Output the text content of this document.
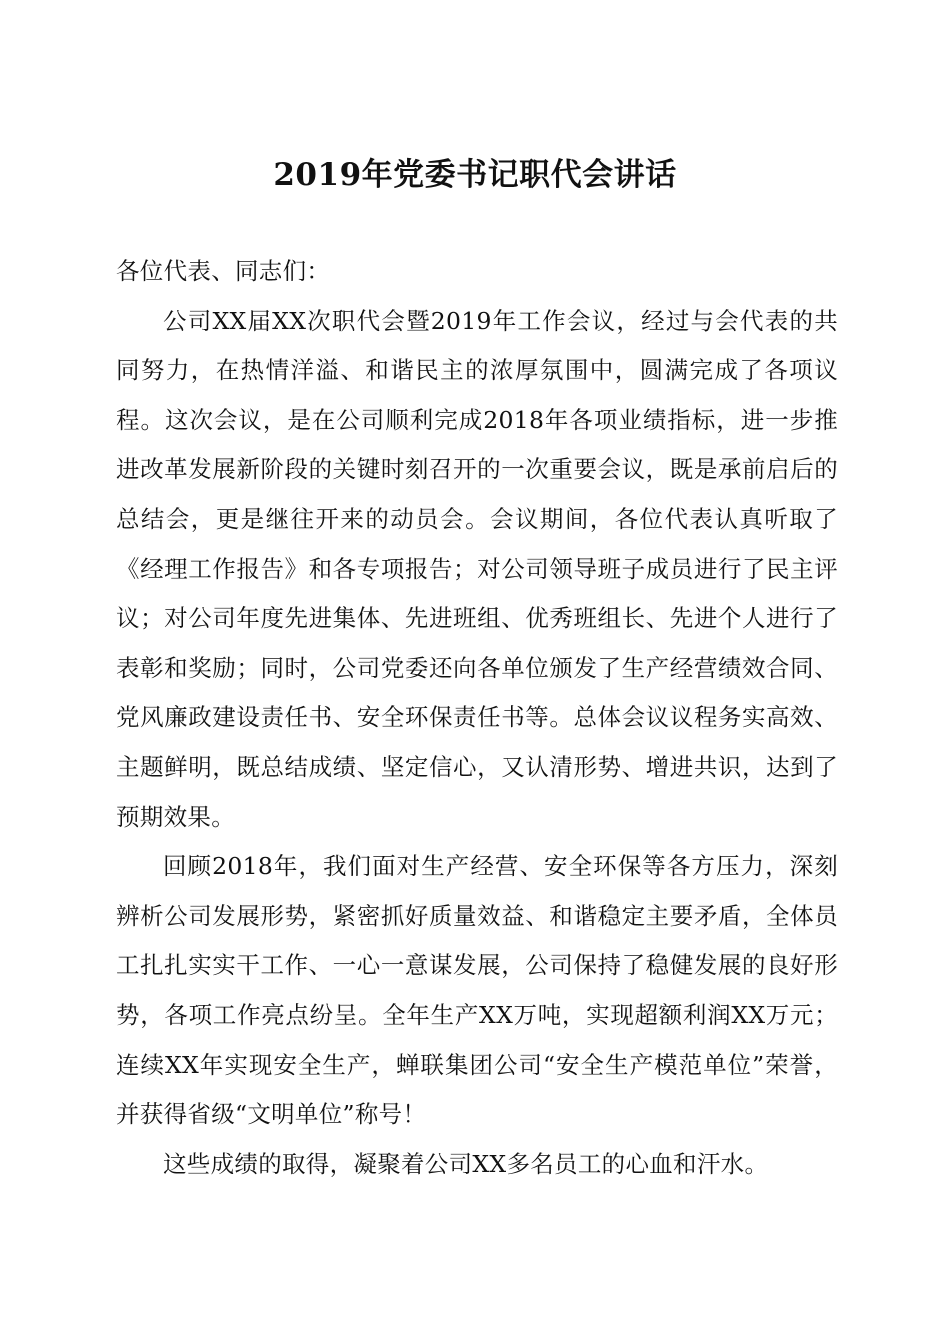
2019年党委书记职代会讲话

各位代表、同志们：

公司XX届XX次职代会暨2019年工作会议，经过与会代表的共同努力，在热情洋溢、和谐民主的浓厚氛围中，圆满完成了各项议程。这次会议，是在公司顺利完成2018年各项业绩指标，进一步推进改革发展新阶段的关键时刻召开的一次重要会议，既是承前启后的总结会，更是继往开来的动员会。会议期间，各位代表认真听取了《经理工作报告》和各专项报告；对公司领导班子成员进行了民主评议；对公司年度先进集体、先进班组、优秀班组长、先进个人进行了表彰和奖励；同时，公司党委还向各单位颁发了生产经营绩效合同、党风廉政建设责任书、安全环保责任书等。总体会议议程务实高效、主题鲜明，既总结成绩、坚定信心，又认清形势、增进共识，达到了预期效果。

回顾2018年，我们面对生产经营、安全环保等各方压力，深刻辨析公司发展形势，紧密抓好质量效益、和谐稳定主要矛盾，全体员工扎扎实实干工作、一心一意谋发展，公司保持了稳健发展的良好形势，各项工作亮点纷呈。全年生产XX万吨，实现超额利润XX万元；连续XX年实现安全生产，蝉联集团公司“安全生产模范单位”荣誉，并获得省级“文明单位”称号！

这些成绩的取得，凝聚着公司XX多名员工的心血和汗水。
